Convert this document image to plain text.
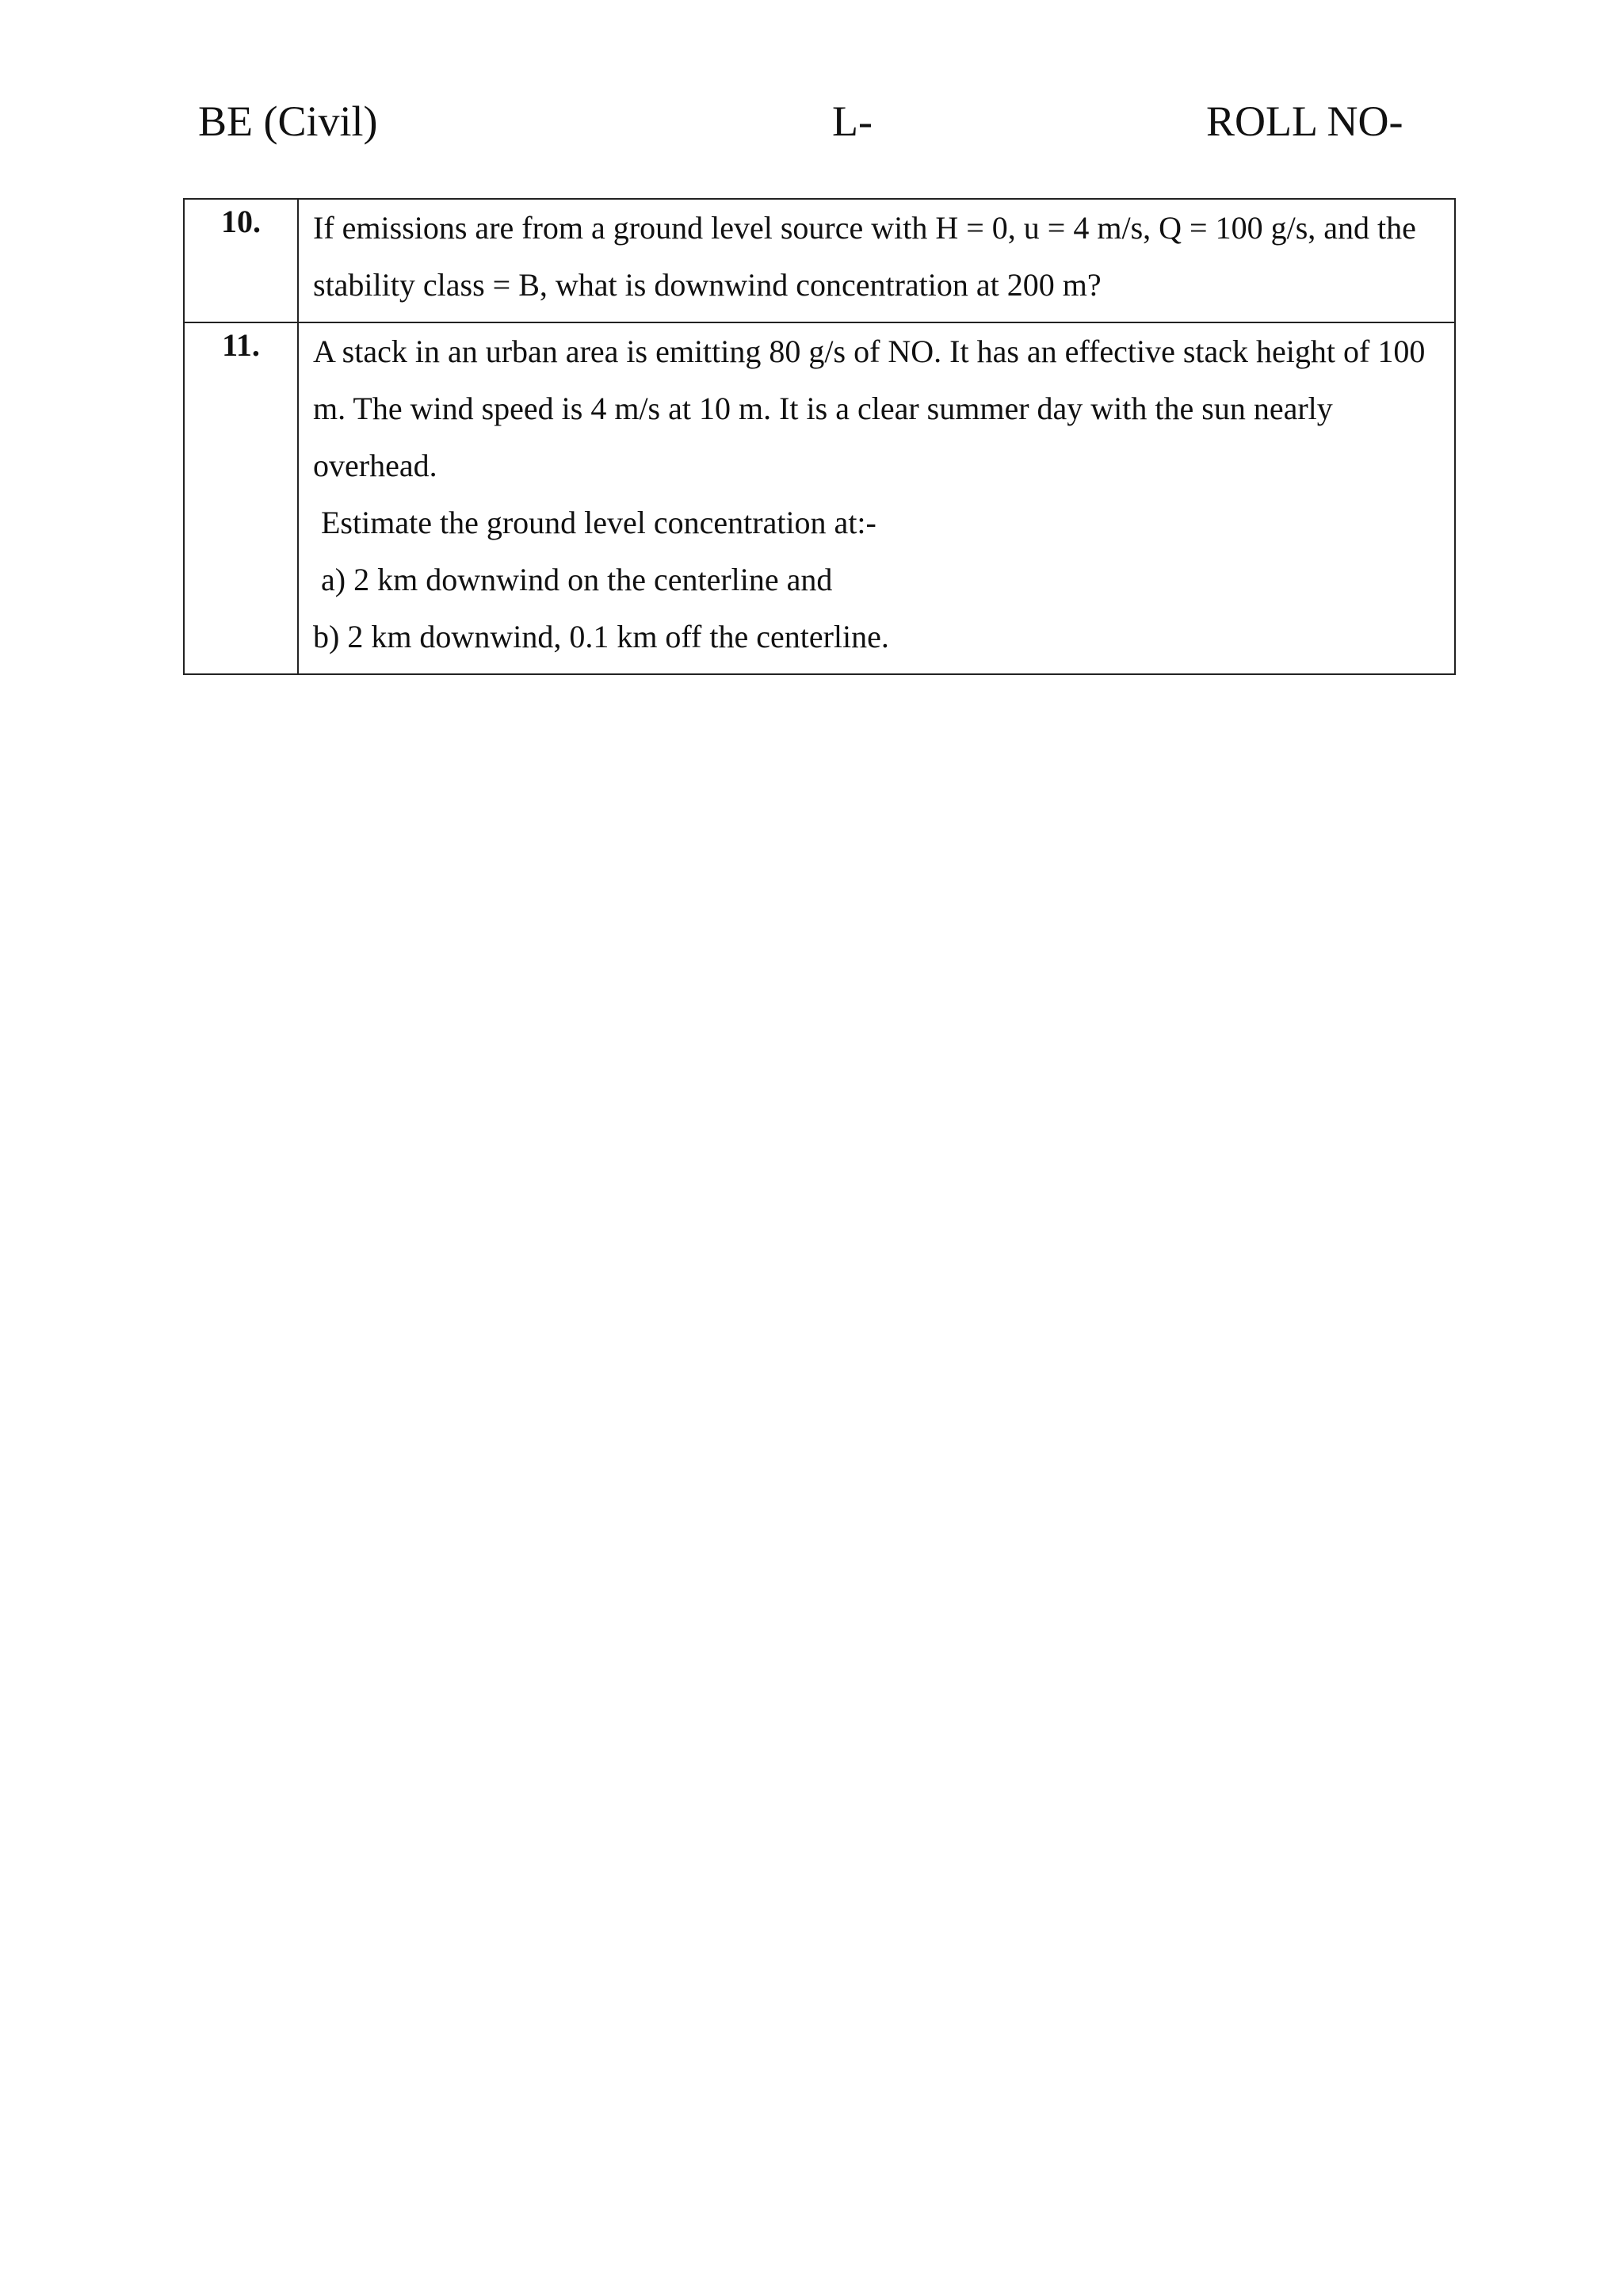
BE (Civil)	L-	ROLL NO-
10.	If emissions are from a ground level source with H = 0, u = 4 m/s, Q = 100 g/s, and the stability class = B, what is downwind concentration at 200 m?

11.	A stack in an urban area is emitting 80 g/s of NO. It has an effective stack height of 100 m. The wind speed is 4 m/s at 10 m. It is a clear summer day with the sun nearly overhead.

Estimate the ground level concentration at:-

a) 2 km downwind on the centerline and

b) 2 km downwind, 0.1 km off the centerline.
